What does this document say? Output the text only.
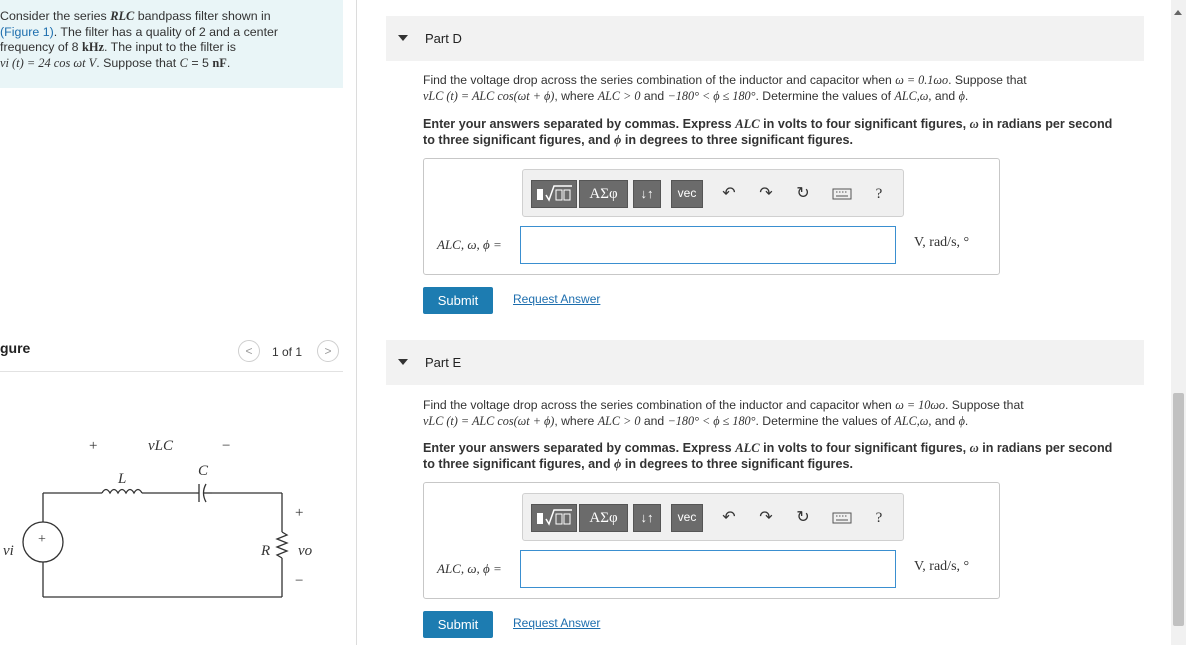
Consider the series RLC bandpass filter shown in
(Figure 1). The filter has a quality of 2 and a center
frequency of 8 kHz. The input to the filter is
vi (t) = 24 cos ωt V. Suppose that C = 5 nF.
gure	<	1 of 1	>
+	vLC	−
L	C
+
+
vi	R vo
−
Part D
Find the voltage drop across the series combination of the inductor and capacitor when ω = 0.1ωo. Suppose that
vLC (t) = ALC cos(ωt + ϕ), where ALC > 0 and −180° < ϕ ≤ 180°. Determine the values of ALC,ω, and ϕ.
Enter your answers separated by commas. Express ALC in volts to four significant figures, ω in radians per second
to three significant figures, and ϕ in degrees to three significant figures.
ΑΣφ	↓↑	vec	↶	↷	↻	?
ALC, ω, ϕ =	V, rad/s, °
Submit	Request Answer
Part E
Find the voltage drop across the series combination of the inductor and capacitor when ω = 10ωo. Suppose that
vLC (t) = ALC cos(ωt + ϕ), where ALC > 0 and −180° < ϕ ≤ 180°. Determine the values of ALC,ω, and ϕ.
Enter your answers separated by commas. Express ALC in volts to four significant figures, ω in radians per second
to three significant figures, and ϕ in degrees to three significant figures.
ΑΣφ	↓↑	vec	↶	↷	↻	?
ALC, ω, ϕ =	V, rad/s, °
Submit	Request Answer
